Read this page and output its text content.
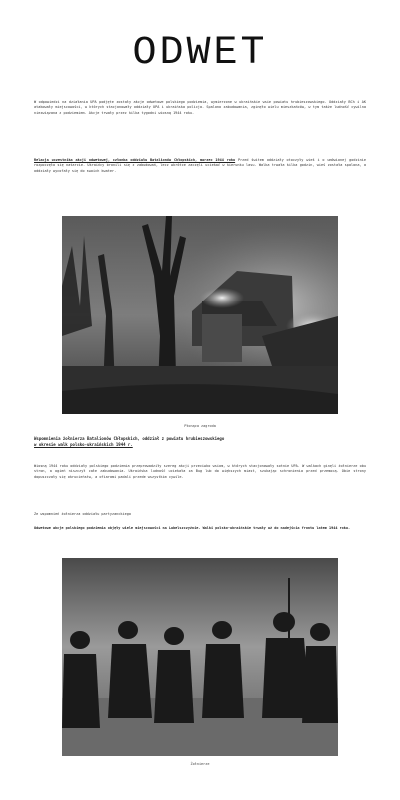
ODWET

W odpowiedzi na działania UPA podjęte zostały akcje odwetowe polskiego podziemia, wymierzone w ukraińskie wsie powiatu hrubieszowskiego. Oddziały BCh i AK atakowały miejscowości, w których stacjonowały oddziały UPA i ukraińska policja. Spalono zabudowania, zginęło wielu mieszkańców, w tym także ludność cywilna niezwiązana z podziemiem. Akcje trwały przez kilka tygodni wiosną 1944 roku.

Relacja uczestnika akcji odwetowej, członka oddziału Batalionów Chłopskich, marzec 1944 roku Przed świtem oddziały otoczyły wieś i o umówionej godzinie rozpoczęło się natarcie. Ukraińcy bronili się z zabudowań, lecz wkrótce zaczęli uciekać w kierunku lasu. Walka trwała kilka godzin, wieś została spalona, a oddziały wycofały się do swoich kwater.

Płonąca zagroda
Wspomnienia żołnierza Batalionów Chłopskich, oddział z powiatu hrubieszowskiego
w okresie walk polsko-ukraińskich 1944 r.

Wiosną 1944 roku oddziały polskiego podziemia przeprowadziły szereg akcji przeciwko wsiom, w których stacjonowały sotnie UPA. W walkach ginęli żołnierze obu stron, a ogień niszczył całe zabudowania. Ukraińska ludność uciekała za Bug lub do większych miast, szukając schronienia przed przemocą. Obie strony dopuszczały się okrucieństw, a ofiarami padali przede wszystkim cywile.

Ze wspomnień żołnierza oddziału partyzanckiego

Odwetowe akcje polskiego podziemia objęły wiele miejscowości na Lubelszczyźnie. Walki polsko-ukraińskie trwały aż do nadejścia frontu latem 1944 roku.

Żołnierze
